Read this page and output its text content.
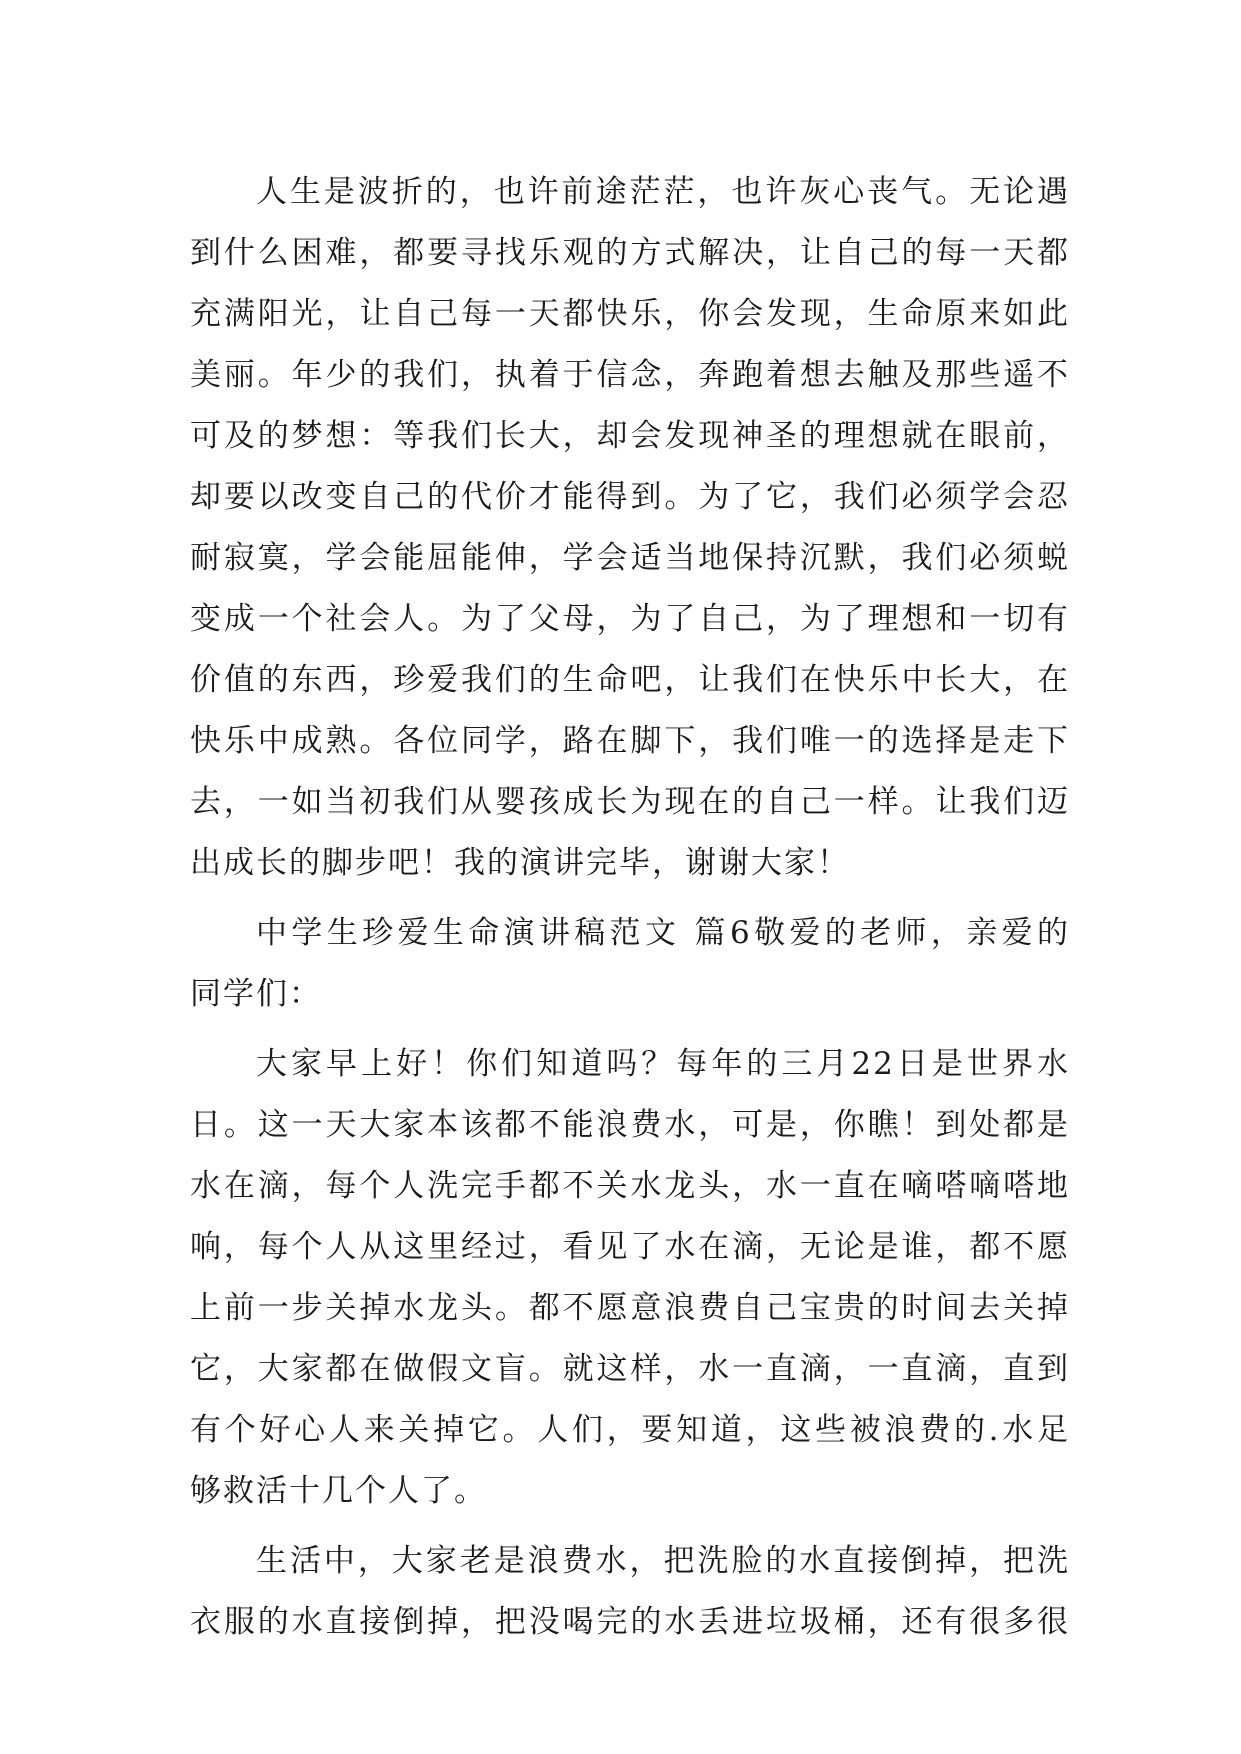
人生是波折的，也许前途茫茫，也许灰心丧气。无论遇
到什么困难，都要寻找乐观的方式解决，让自己的每一天都
充满阳光，让自己每一天都快乐，你会发现，生命原来如此
美丽。年少的我们，执着于信念，奔跑着想去触及那些遥不
可及的梦想：等我们长大，却会发现神圣的理想就在眼前，
却要以改变自己的代价才能得到。为了它，我们必须学会忍
耐寂寞，学会能屈能伸，学会适当地保持沉默，我们必须蜕
变成一个社会人。为了父母，为了自己，为了理想和一切有
价值的东西，珍爱我们的生命吧，让我们在快乐中长大，在
快乐中成熟。各位同学，路在脚下，我们唯一的选择是走下
去，一如当初我们从婴孩成长为现在的自己一样。让我们迈
出成长的脚步吧！我的演讲完毕，谢谢大家！

中学生珍爱生命演讲稿范文 篇6敬爱的老师，亲爱的
同学们：

大家早上好！你们知道吗？每年的三月22日是世界水
日。这一天大家本该都不能浪费水，可是，你瞧！到处都是
水在滴，每个人洗完手都不关水龙头，水一直在嘀嗒嘀嗒地
响，每个人从这里经过，看见了水在滴，无论是谁，都不愿
上前一步关掉水龙头。都不愿意浪费自己宝贵的时间去关掉
它，大家都在做假文盲。就这样，水一直滴，一直滴，直到
有个好心人来关掉它。人们，要知道，这些被浪费的.水足
够救活十几个人了。

生活中，大家老是浪费水，把洗脸的水直接倒掉，把洗
衣服的水直接倒掉，把没喝完的水丢进垃圾桶，还有很多很
